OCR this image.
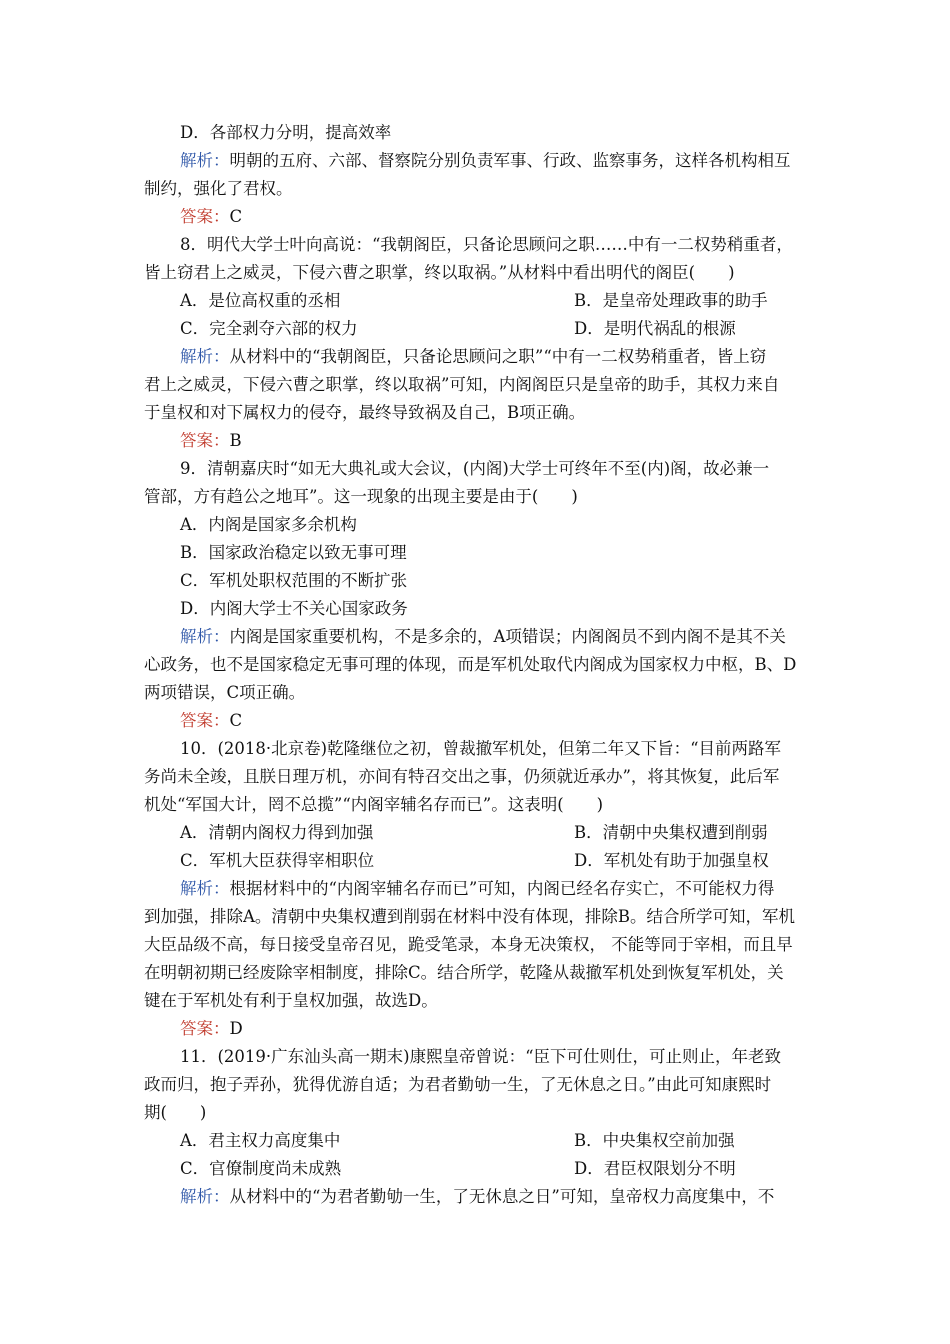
D．各部权力分明，提高效率
解析：明朝的五府、六部、督察院分别负责军事、行政、监察事务，这样各机构相互
制约，强化了君权。
答案：C
8．明代大学士叶向高说：“我朝阁臣，只备论思顾问之职……中有一二权势稍重者，
皆上窃君上之威灵，下侵六曹之职掌，终以取祸。”从材料中看出明代的阁臣(　　)
A．是位高权重的丞相	B．是皇帝处理政事的助手
C．完全剥夺六部的权力	D．是明代祸乱的根源
解析：从材料中的“我朝阁臣，只备论思顾问之职”“中有一二权势稍重者，皆上窃
君上之威灵，下侵六曹之职掌，终以取祸”可知，内阁阁臣只是皇帝的助手，其权力来自
于皇权和对下属权力的侵夺，最终导致祸及自己，B项正确。
答案：B
9．清朝嘉庆时“如无大典礼或大会议，(内阁)大学士可终年不至(内)阁，故必兼一
管部，方有趋公之地耳”。这一现象的出现主要是由于(　　)
A．内阁是国家多余机构
B．国家政治稳定以致无事可理
C．军机处职权范围的不断扩张
D．内阁大学士不关心国家政务
解析：内阁是国家重要机构，不是多余的，A项错误；内阁阁员不到内阁不是其不关
心政务，也不是国家稳定无事可理的体现，而是军机处取代内阁成为国家权力中枢，B、D
两项错误，C项正确。
答案：C
10．(2018·北京卷)乾隆继位之初，曾裁撤军机处，但第二年又下旨：“目前两路军
务尚未全竣，且朕日理万机，亦间有特召交出之事，仍须就近承办”，将其恢复，此后军
机处“军国大计，罔不总揽”“内阁宰辅名存而已”。这表明(　　)
A．清朝内阁权力得到加强	B．清朝中央集权遭到削弱
C．军机大臣获得宰相职位	D．军机处有助于加强皇权
解析：根据材料中的“内阁宰辅名存而已”可知，内阁已经名存实亡，不可能权力得
到加强，排除A。清朝中央集权遭到削弱在材料中没有体现，排除B。结合所学可知，军机
大臣品级不高，每日接受皇帝召见，跪受笔录，本身无决策权， 不能等同于宰相，而且早
在明朝初期已经废除宰相制度，排除C。结合所学，乾隆从裁撤军机处到恢复军机处，关
键在于军机处有利于皇权加强，故选D。
答案：D
11．(2019·广东汕头高一期末)康熙皇帝曾说：“臣下可仕则仕，可止则止，年老致
政而归，抱子弄孙，犹得优游自适；为君者勤劬一生，了无休息之日。”由此可知康熙时
期(　　)
A．君主权力高度集中	B．中央集权空前加强
C．官僚制度尚未成熟	D．君臣权限划分不明
解析：从材料中的“为君者勤劬一生，了无休息之日”可知，皇帝权力高度集中，不
